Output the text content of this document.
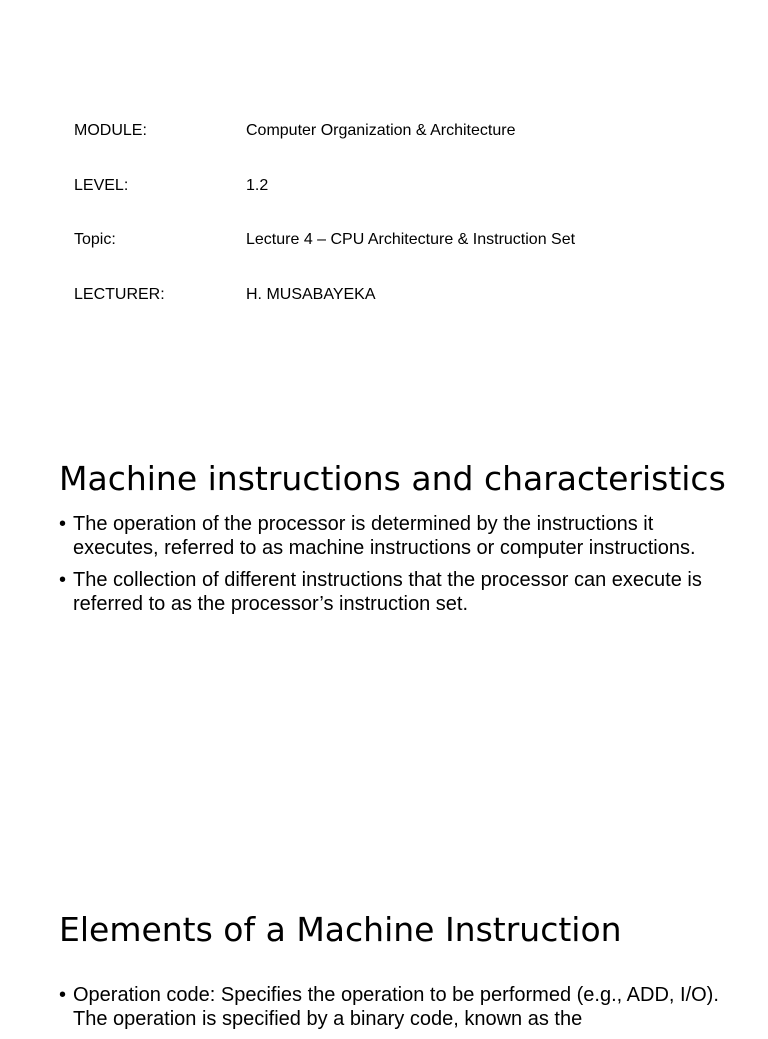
MODULE:	Computer Organization & Architecture
LEVEL:	1.2
Topic:	Lecture 4 – CPU Architecture & Instruction Set
LECTURER:	H. MUSABAYEKA
Machine instructions and characteristics
• The operation of the processor is determined by the instructions it executes, referred to as machine instructions or computer instructions.
• The collection of different instructions that the processor can execute is referred to as the processor’s instruction set.
Elements of a Machine Instruction
• Operation code: Specifies the operation to be performed (e.g., ADD, I/O). The operation is specified by a binary code, known as the
